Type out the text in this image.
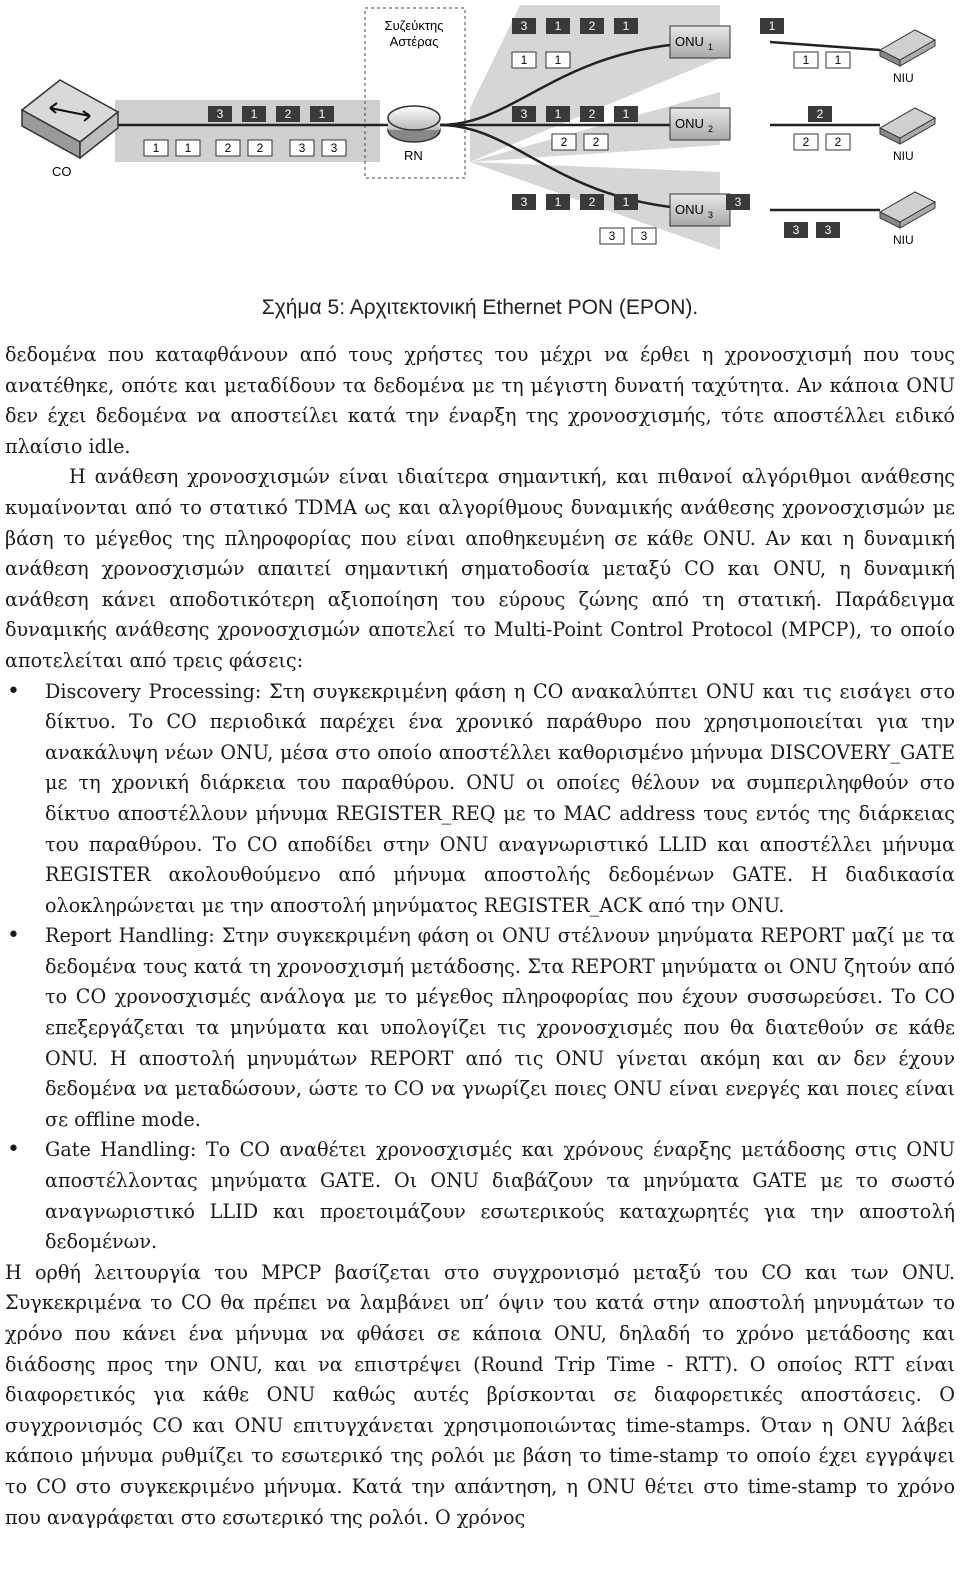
Συζεύκτης
Αστέρας
CO
RN
ONU 1
ONU 2
ONU 3
NIU
NIU
NIU
3 1 2 1
1 1	2 2	3 3
3 1 2 1
1 1
1
1 1
3 1 2 1
2 2
2
2 2
3 1 2 1
3 3
3
3 3
Σχήμα 5: Αρχιτεκτονική Ethernet PON (EPON).

δεδομένα που καταφθάνουν από τους χρήστες του μέχρι να έρθει η χρονοσχισμή που τους ανατέθηκε, οπότε και μεταδίδουν τα δεδομένα με τη μέγιστη δυνατή ταχύτητα. Αν κάποια ONU δεν έχει δεδομένα να αποστείλει κατά την έναρξη της χρονοσχισμής, τότε αποστέλλει ειδικό πλαίσιο idle.

Η ανάθεση χρονοσχισμών είναι ιδιαίτερα σημαντική, και πιθανοί αλγόριθμοι ανάθεσης κυμαίνονται από το στατικό TDMA ως και αλγορίθμους δυναμικής ανάθεσης χρονοσχισμών με βάση το μέγεθος της πληροφορίας που είναι αποθηκευμένη σε κάθε ONU. Αν και η δυναμική ανάθεση χρονοσχισμών απαιτεί σημαντική σηματοδοσία μεταξύ CO και ONU, η δυναμική ανάθεση κάνει αποδοτικότερη αξιοποίηση του εύρους ζώνης από τη στατική. Παράδειγμα δυναμικής ανάθεσης χρονοσχισμών αποτελεί το Multi-Point Control Protocol (MPCP), το οποίο αποτελείται από τρεις φάσεις:

• Discovery Processing: Στη συγκεκριμένη φάση η CO ανακαλύπτει ONU και τις εισάγει στο δίκτυο. Το CO περιοδικά παρέχει ένα χρονικό παράθυρο που χρησιμοποιείται για την ανακάλυψη νέων ONU, μέσα στο οποίο αποστέλλει καθορισμένο μήνυμα DISCOVERY_GATE με τη χρονική διάρκεια του παραθύρου. ONU οι οποίες θέλουν να συμπεριληφθούν στο δίκτυο αποστέλλουν μήνυμα REGISTER_REQ με το MAC address τους εντός της διάρκειας του παραθύρου. Το CO αποδίδει στην ONU αναγνωριστικό LLID και αποστέλλει μήνυμα REGISTER ακολουθούμενο από μήνυμα αποστολής δεδομένων GATE. Η διαδικασία ολοκληρώνεται με την αποστολή μηνύματος REGISTER_ACK από την ONU.
• Report Handling: Στην συγκεκριμένη φάση οι ONU στέλνουν μηνύματα REPORT μαζί με τα δεδομένα τους κατά τη χρονοσχισμή μετάδοσης. Στα REPORT μηνύματα οι ONU ζητούν από το CO χρονοσχισμές ανάλογα με το μέγεθος πληροφορίας που έχουν συσσωρεύσει. Το CO επεξεργάζεται τα μηνύματα και υπολογίζει τις χρονοσχισμές που θα διατεθούν σε κάθε ONU. Η αποστολή μηνυμάτων REPORT από τις ONU γίνεται ακόμη και αν δεν έχουν δεδομένα να μεταδώσουν, ώστε το CO να γνωρίζει ποιες ONU είναι ενεργές και ποιες είναι σε offline mode.
• Gate Handling: Το CO αναθέτει χρονοσχισμές και χρόνους έναρξης μετάδοσης στις ONU αποστέλλοντας μηνύματα GATE. Οι ONU διαβάζουν τα μηνύματα GATE με το σωστό αναγνωριστικό LLID και προετοιμάζουν εσωτερικούς καταχωρητές για την αποστολή δεδομένων.

Η ορθή λειτουργία του MPCP βασίζεται στο συγχρονισμό μεταξύ του CO και των ONU. Συγκεκριμένα το CO θα πρέπει να λαμβάνει υπ’ όψιν του κατά στην αποστολή μηνυμάτων το χρόνο που κάνει ένα μήνυμα να φθάσει σε κάποια ONU, δηλαδή το χρόνο μετάδοσης και διάδοσης προς την ONU, και να επιστρέψει (Round Trip Time - RTT). Ο οποίος RTT είναι διαφορετικός για κάθε ONU καθώς αυτές βρίσκονται σε διαφορετικές αποστάσεις. Ο συγχρονισμός CO και ONU επιτυγχάνεται χρησιμοποιώντας time-stamps. Όταν η ONU λάβει κάποιο μήνυμα ρυθμίζει το εσωτερικό της ρολόι με βάση το time-stamp το οποίο έχει εγγράψει το CO στο συγκεκριμένο μήνυμα. Κατά την απάντηση, η ONU θέτει στο time-stamp το χρόνο που αναγράφεται στο εσωτερικό της ρολόι. Ο χρόνος
